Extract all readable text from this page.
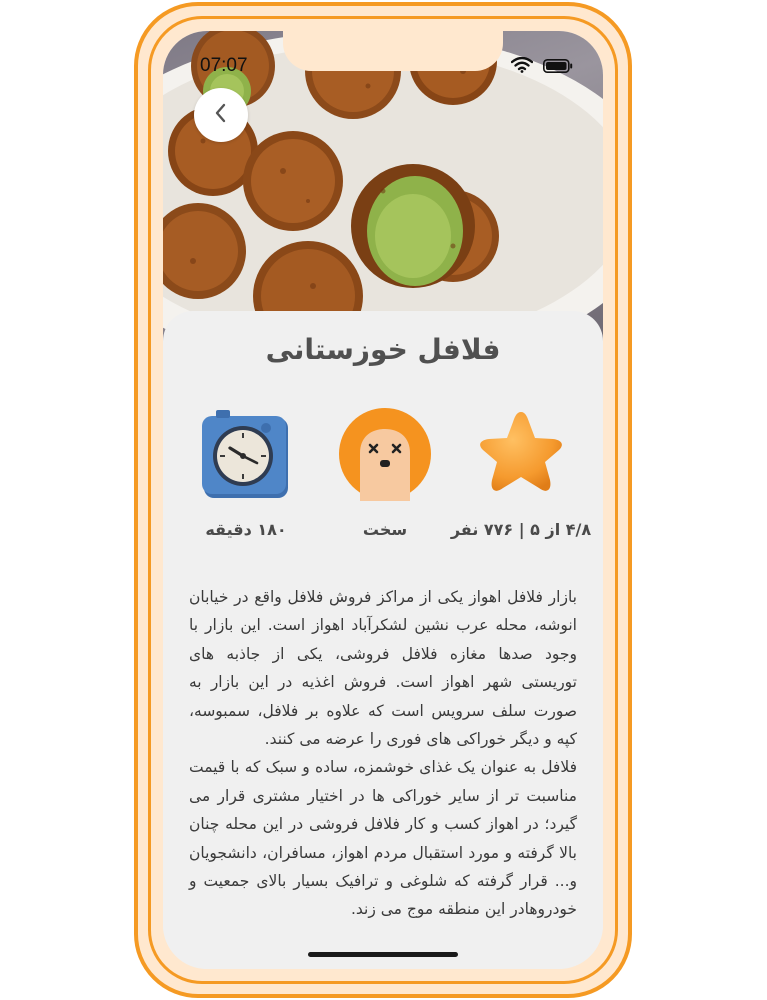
07:07
فلافل خوزستانی
۴/۸ از ۵ | ۷۷۶ نفر
سخت
۱۸۰ دقیقه

بازار فلافل اهواز یکی از مراکز فروش فلافل واقع در خیابان انوشه، محله عرب نشین لشکرآباد اهواز است. این بازار با وجود صدها مغازه فلافل فروشی، یکی از جاذبه های توریستی شهر اهواز است. فروش اغذیه در این بازار به صورت سلف سرویس است که علاوه بر فلافل، سمبوسه، کپه و دیگر خوراکی های فوری را عرضه می کنند.

فلافل به عنوان یک غذای خوشمزه، ساده و سبک که با قیمت مناسبت تر از سایر خوراکی ها در اختیار مشتری قرار می گیرد؛ در اهواز کسب و کار فلافل فروشی در این محله چنان بالا گرفته و مورد استقبال مردم اهواز، مسافران، دانشجویان و... قرار گرفته که شلوغی و ترافیک بسیار بالای جمعیت و خودروهادر این منطقه موج می زند.
